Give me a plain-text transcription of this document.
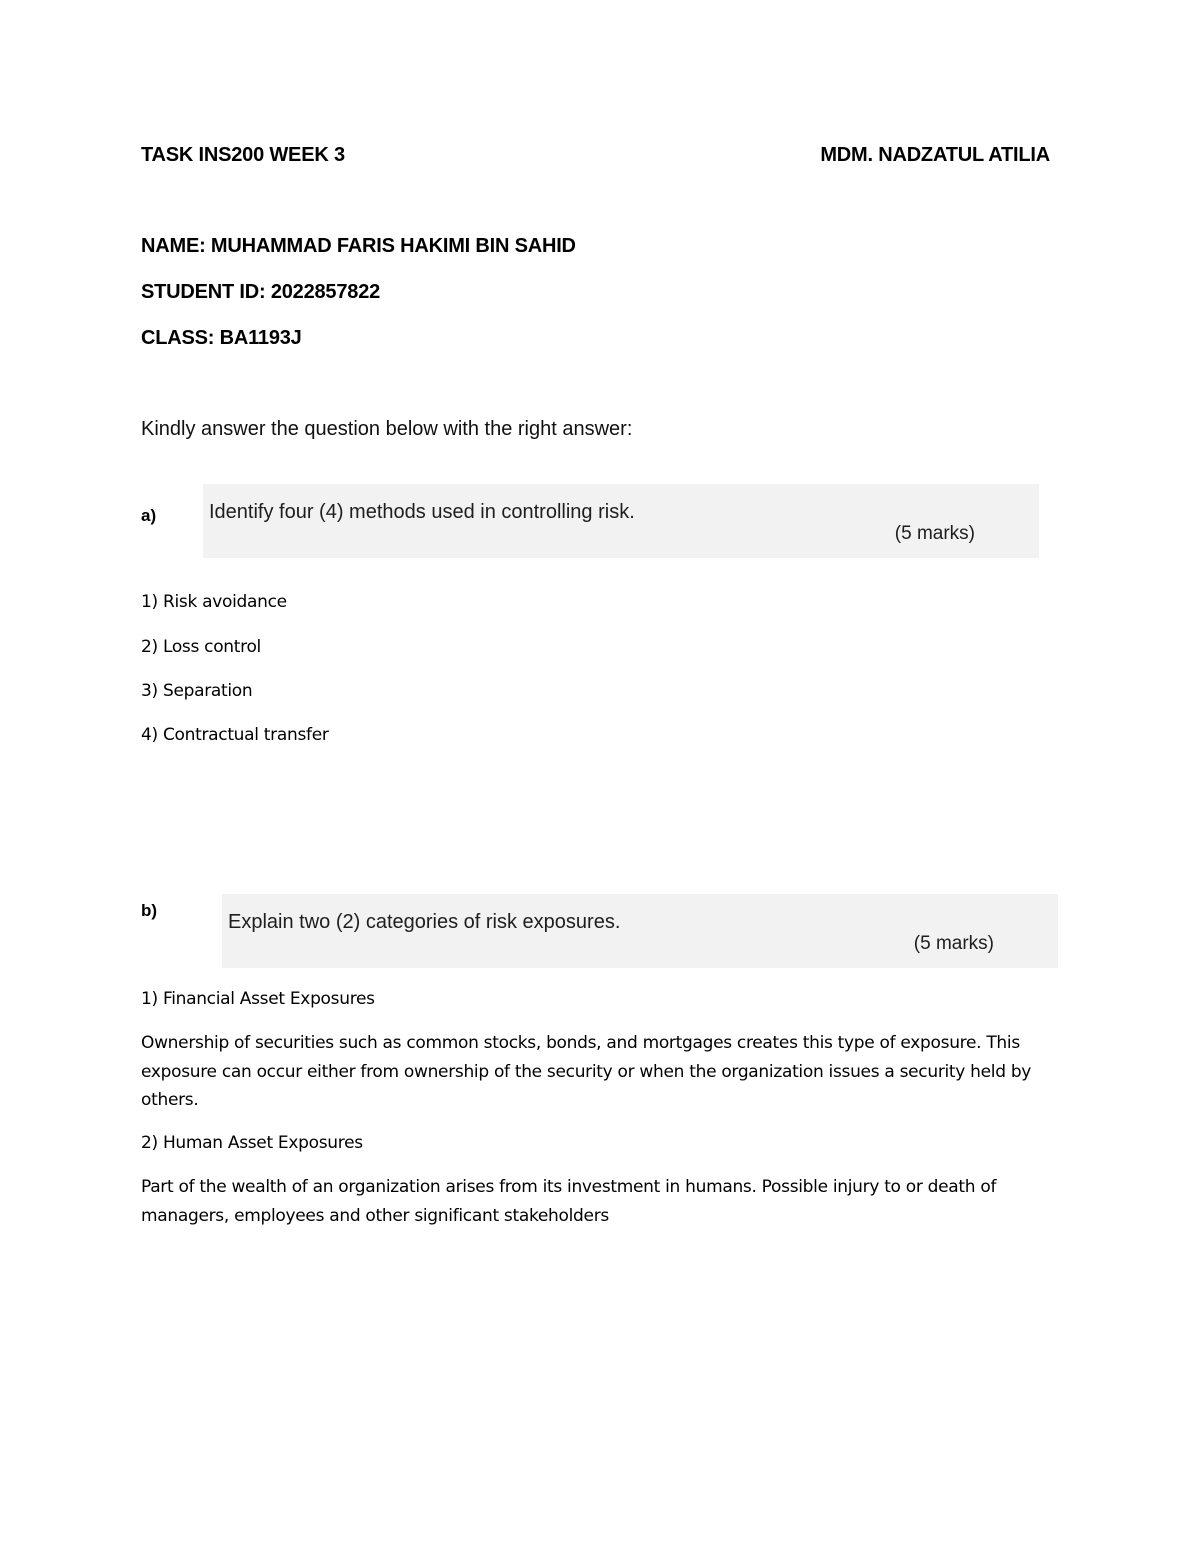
TASK INS200 WEEK 3	MDM. NADZATUL ATILIA
NAME: MUHAMMAD FARIS HAKIMI BIN SAHID
STUDENT ID: 2022857822
CLASS: BA1193J
Kindly answer the question below with the right answer:
a)	Identify four (4) methods used in controlling risk.
(5 marks)
1) Risk avoidance
2) Loss control
3) Separation
4) Contractual transfer
b)
Explain two (2) categories of risk exposures.
(5 marks)
1) Financial Asset Exposures
Ownership of securities such as common stocks, bonds, and mortgages creates this type of exposure. This exposure can occur either from ownership of the security or when the organization issues a security held by others.
2) Human Asset Exposures
Part of the wealth of an organization arises from its investment in humans. Possible injury to or death of managers, employees and other significant stakeholders
